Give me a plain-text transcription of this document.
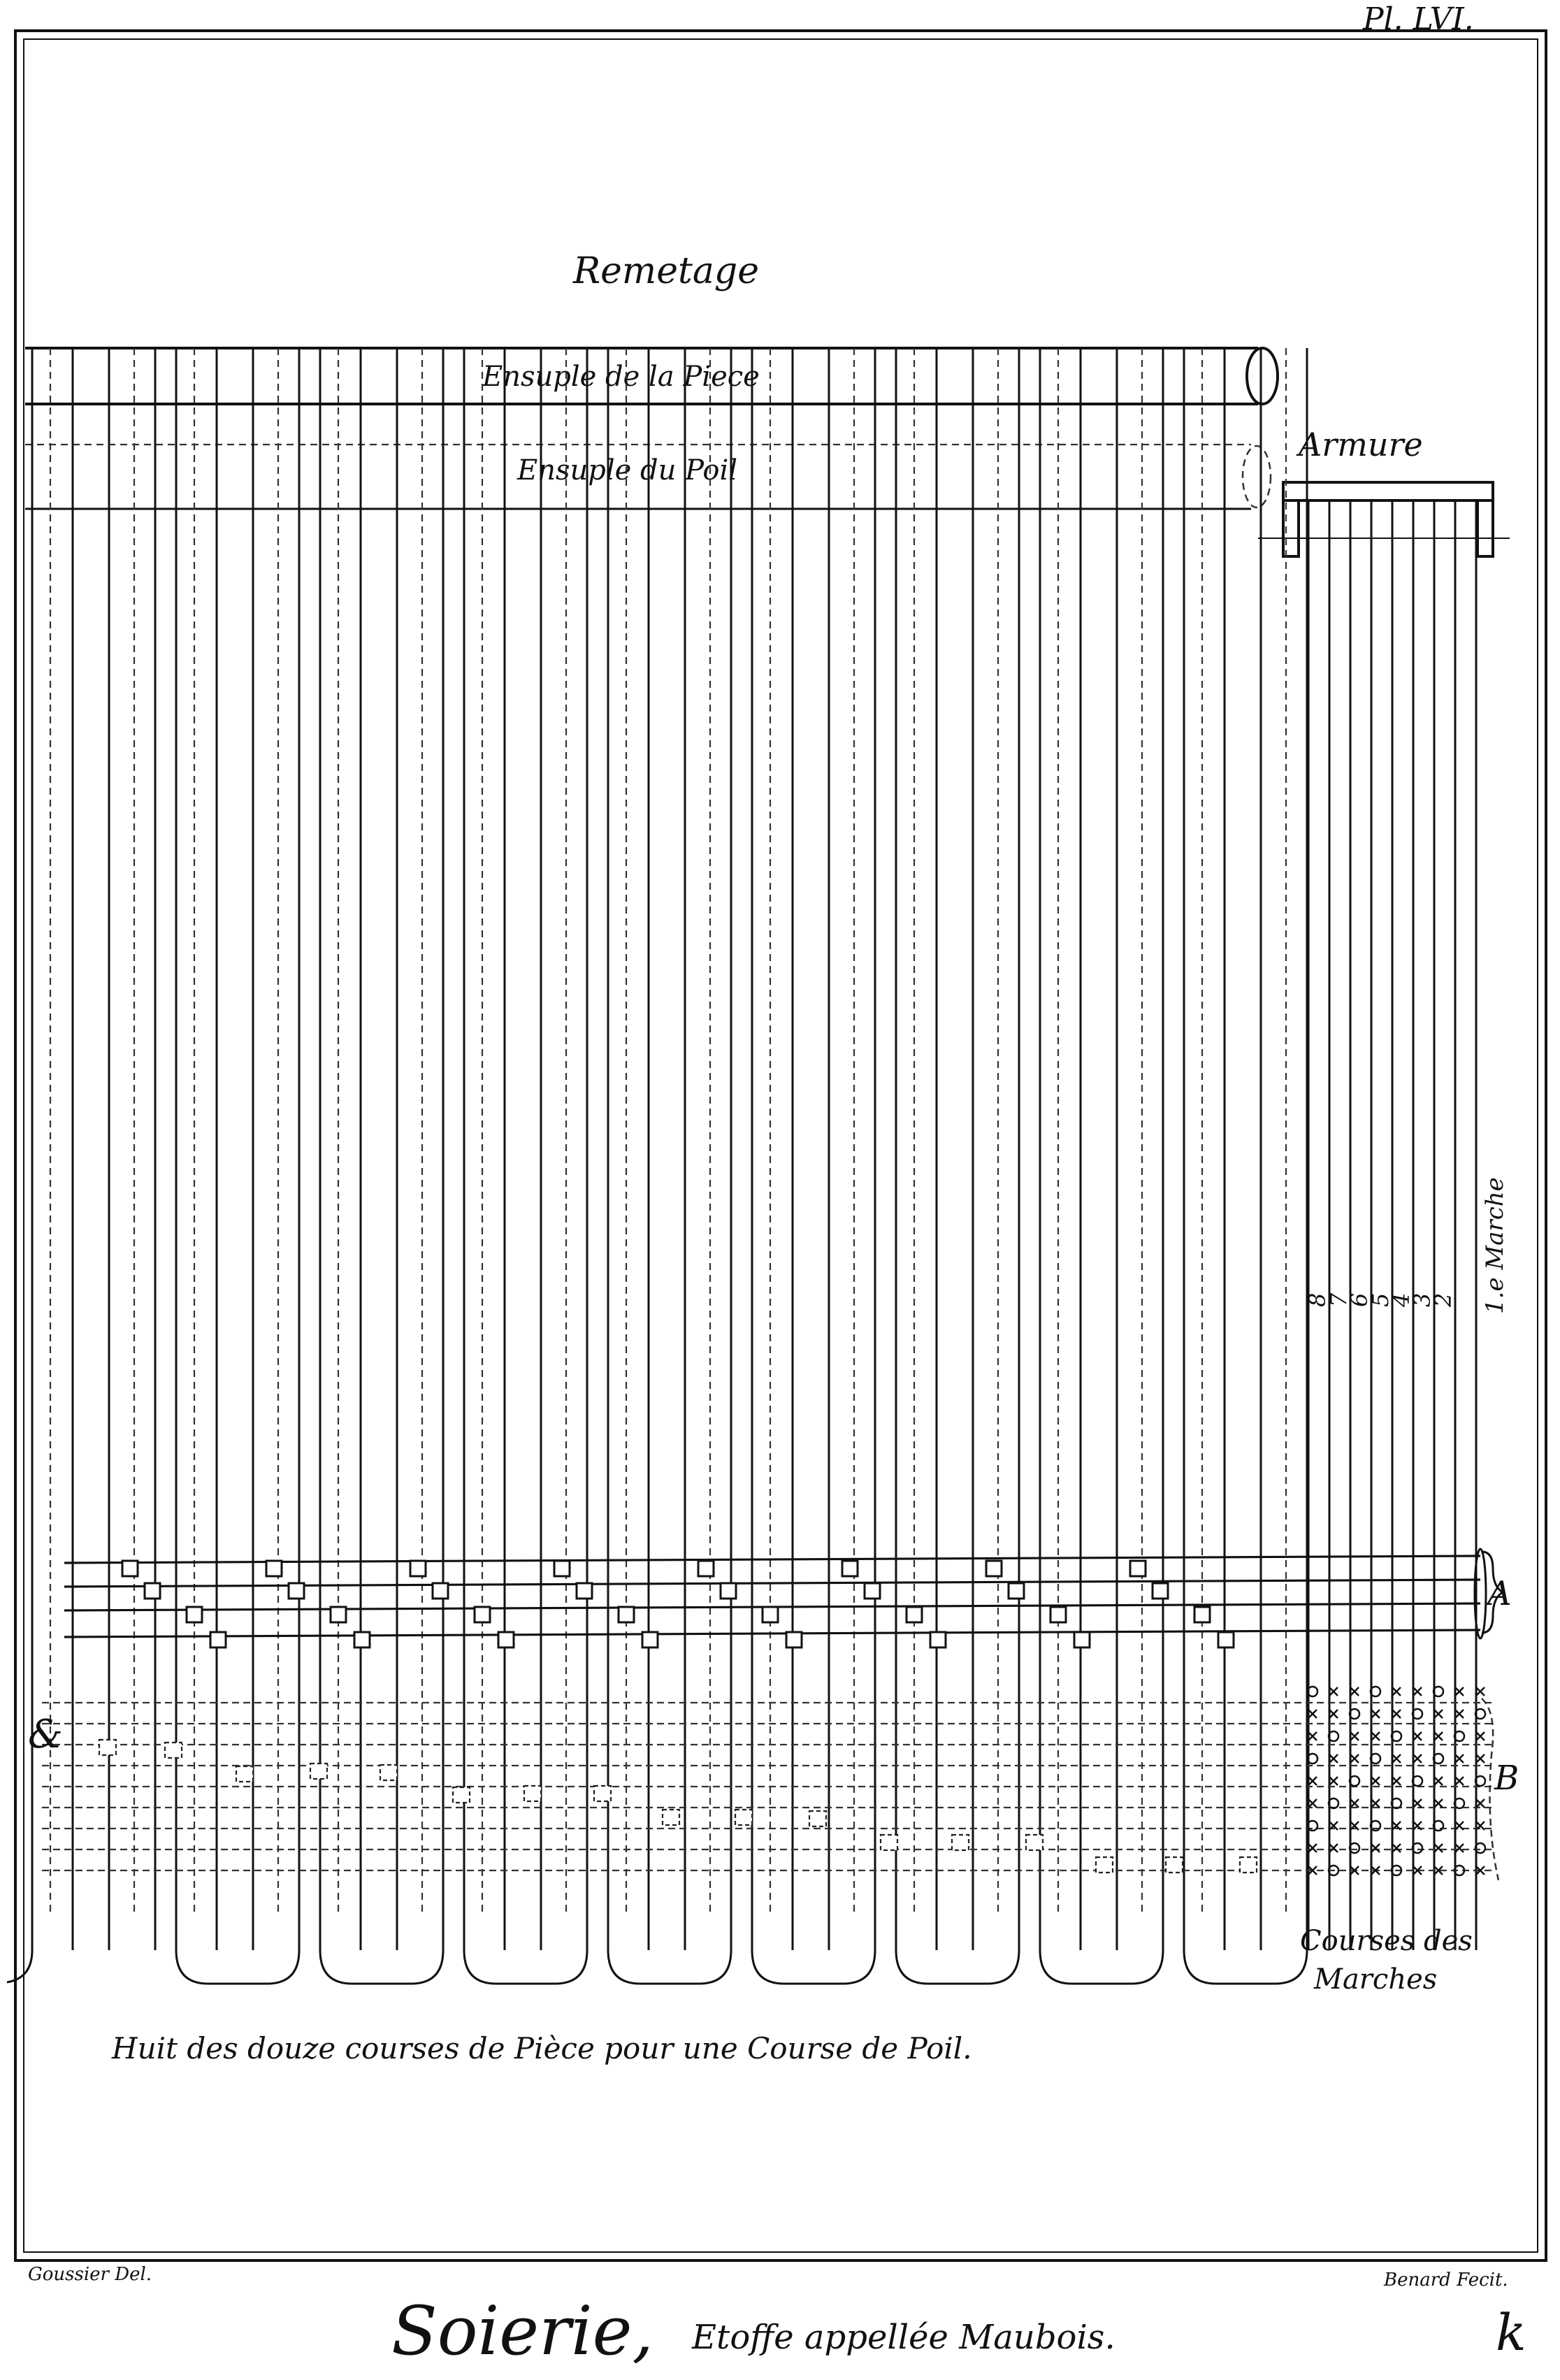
Pl. LVI.
Remetage
Ensuple de la Piece
Ensuple du Poil
Armure
8
7
6
5
4
3
2 1.e Marche
A
B
&
Courses des
Marches
Huit des douze courses de Pièce pour une Course de Poil.
Goussier Del.	Benard Fecit.
Soierie, Etoffe appellée Maubois.	k
